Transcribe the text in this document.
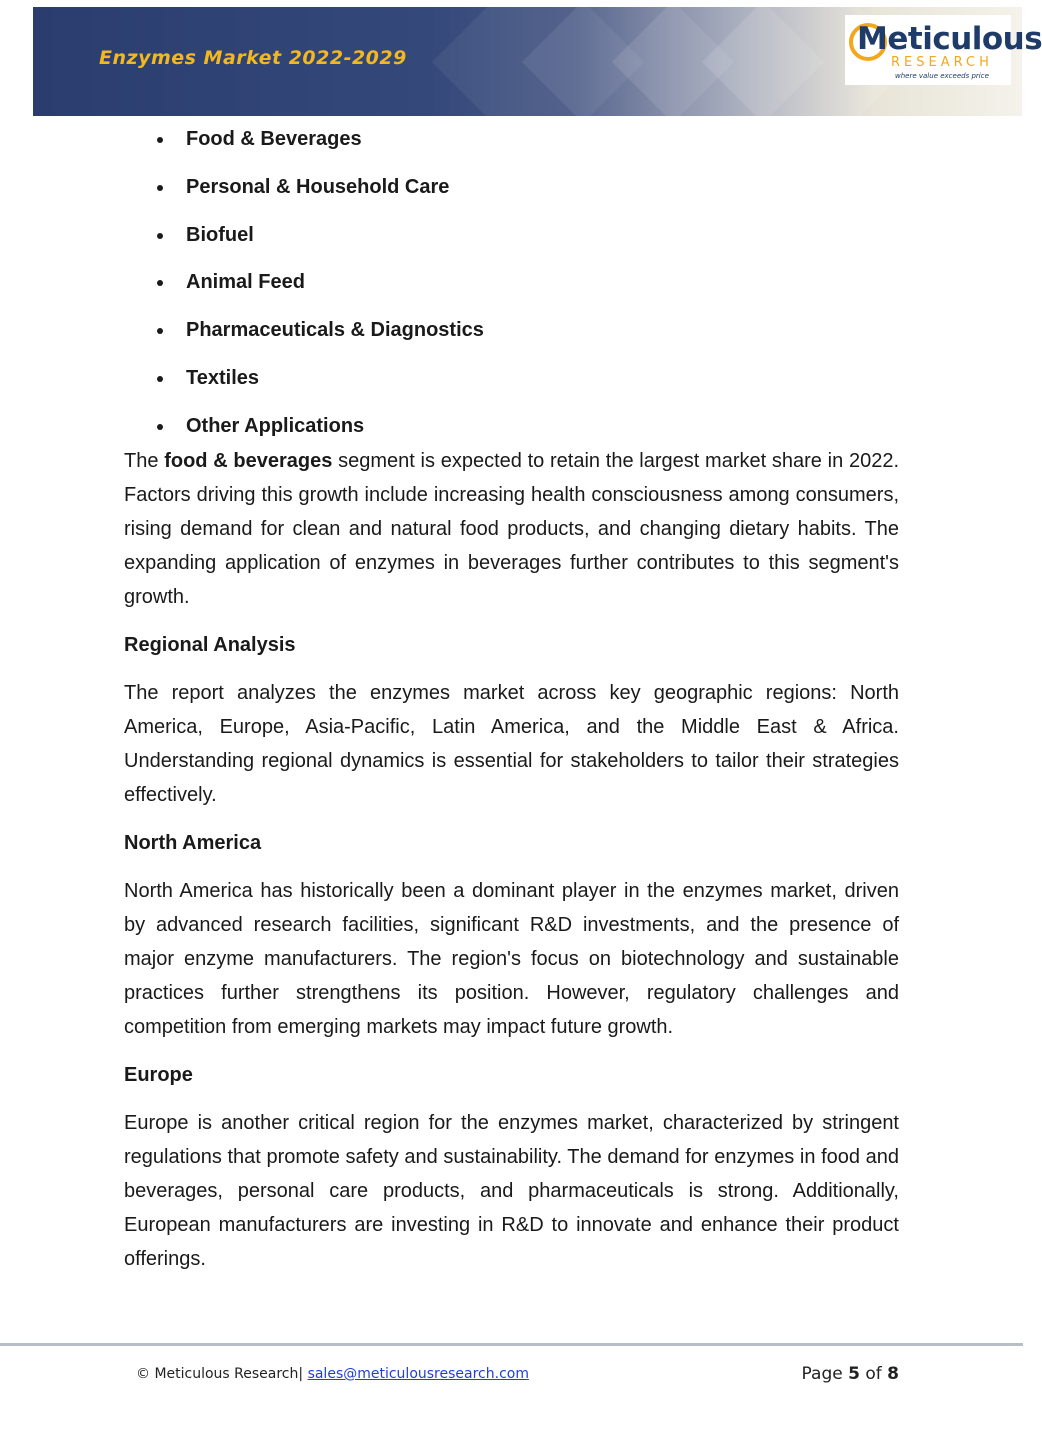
Enzymes Market 2022-2029
Meticulous
RESEARCH
where value exceeds price
Food & Beverages
Personal & Household Care
Biofuel
Animal Feed
Pharmaceuticals & Diagnostics
Textiles
Other Applications

The food & beverages segment is expected to retain the largest market share in 2022. Factors driving this growth include increasing health consciousness among consumers, rising demand for clean and natural food products, and changing dietary habits. The expanding application of enzymes in beverages further contributes to this segment's growth.

Regional Analysis

The report analyzes the enzymes market across key geographic regions: North America, Europe, Asia-Pacific, Latin America, and the Middle East & Africa. Understanding regional dynamics is essential for stakeholders to tailor their strategies effectively.

North America

North America has historically been a dominant player in the enzymes market, driven by advanced research facilities, significant R&D investments, and the presence of major enzyme manufacturers. The region's focus on biotechnology and sustainable practices further strengthens its position. However, regulatory challenges and competition from emerging markets may impact future growth.

Europe

Europe is another critical region for the enzymes market, characterized by stringent regulations that promote safety and sustainability. The demand for enzymes in food and beverages, personal care products, and pharmaceuticals is strong. Additionally, European manufacturers are investing in R&D to innovate and enhance their product offerings.

© Meticulous Research| sales@meticulousresearch.com	Page 5 of 8
